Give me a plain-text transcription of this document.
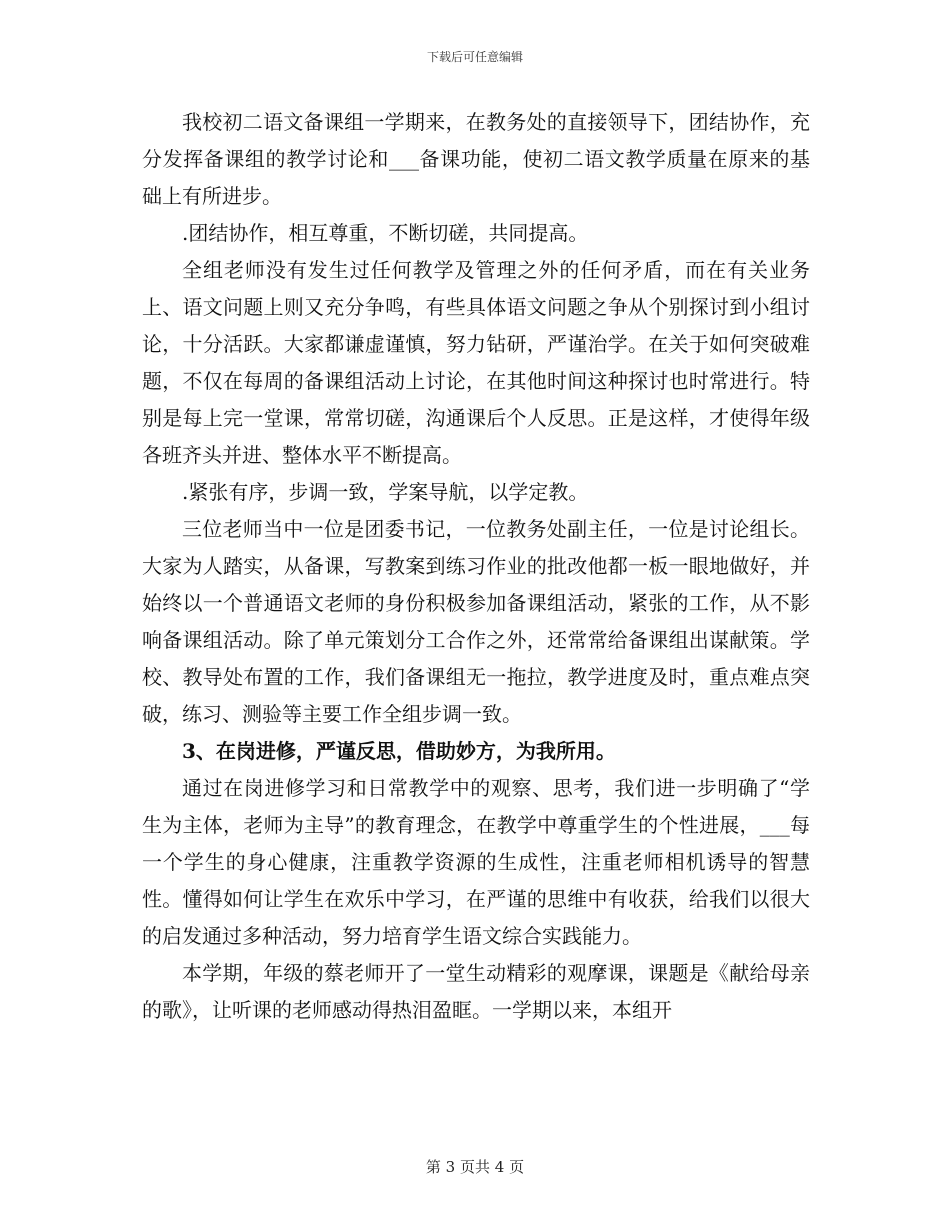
下载后可任意编辑

我校初二语文备课组一学期来，在教务处的直接领导下，团结协作，充分发挥备课组的教学讨论和___备课功能，使初二语文教学质量在原来的基础上有所进步。

.团结协作，相互尊重，不断切磋，共同提高。

全组老师没有发生过任何教学及管理之外的任何矛盾，而在有关业务上、语文问题上则又充分争鸣，有些具体语文问题之争从个别探讨到小组讨论，十分活跃。大家都谦虚谨慎，努力钻研，严谨治学。在关于如何突破难题，不仅在每周的备课组活动上讨论，在其他时间这种探讨也时常进行。特别是每上完一堂课，常常切磋，沟通课后个人反思。正是这样，才使得年级各班齐头并进、整体水平不断提高。

.紧张有序，步调一致，学案导航，以学定教。

三位老师当中一位是团委书记，一位教务处副主任，一位是讨论组长。大家为人踏实，从备课，写教案到练习作业的批改他都一板一眼地做好，并始终以一个普通语文老师的身份积极参加备课组活动，紧张的工作，从不影响备课组活动。除了单元策划分工合作之外，还常常给备课组出谋献策。学校、教导处布置的工作，我们备课组无一拖拉，教学进度及时，重点难点突破，练习、测验等主要工作全组步调一致。

3、在岗进修，严谨反思，借助妙方，为我所用。

通过在岗进修学习和日常教学中的观察、思考，我们进一步明确了“学生为主体，老师为主导”的教育理念，在教学中尊重学生的个性进展，___每一个学生的身心健康，注重教学资源的生成性，注重老师相机诱导的智慧性。懂得如何让学生在欢乐中学习，在严谨的思维中有收获，给我们以很大的启发通过多种活动，努力培育学生语文综合实践能力。

本学期，年级的蔡老师开了一堂生动精彩的观摩课，课题是《献给母亲的歌》，让听课的老师感动得热泪盈眶。一学期以来，本组开

第 3 页共 4 页
